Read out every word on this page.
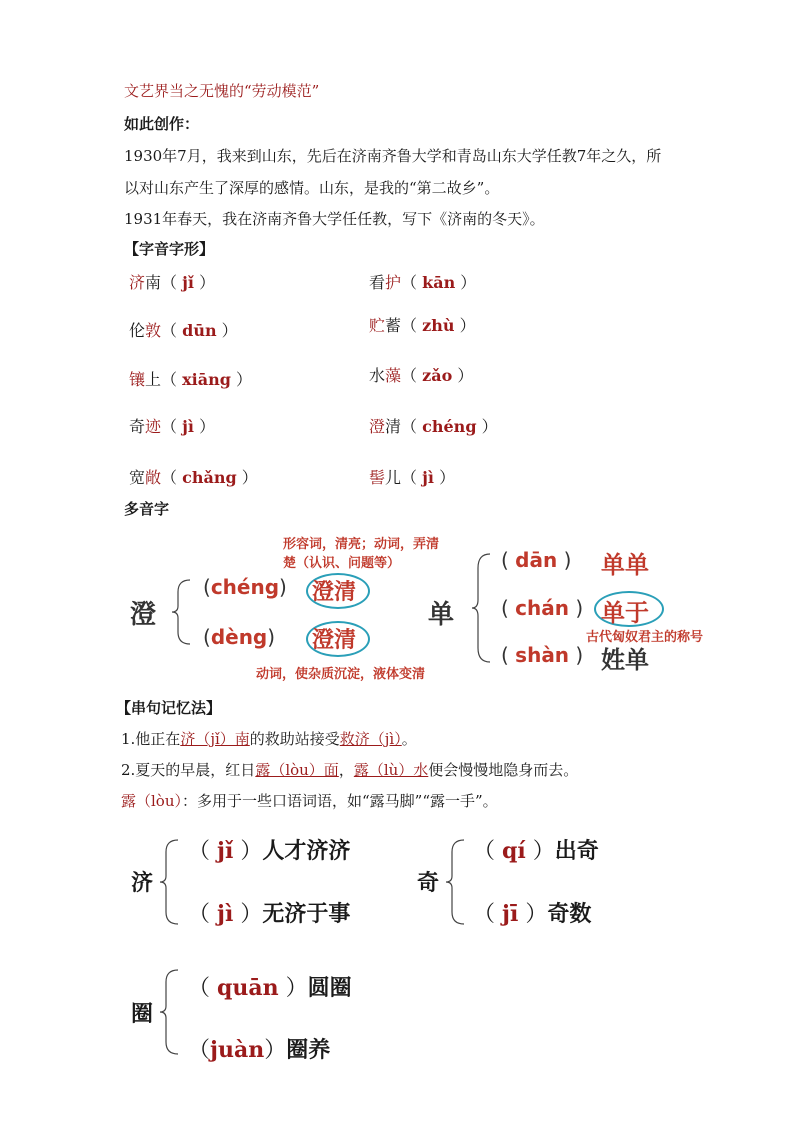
文艺界当之无愧的“劳动模范”
如此创作：
1930年7月，我来到山东，先后在济南齐鲁大学和青岛山东大学任教7年之久，所
以对山东产生了深厚的感情。山东，是我的“第二故乡”。
1931年春天，我在济南齐鲁大学任任教，写下《济南的冬天》。
【字音字形】
济南（ jǐ ）	看护（ kān ）
伦敦（ dūn ）	贮蓄（ zhù ）
镶上（ xiāng ）	水藻（ zǎo ）
奇迹（ jì ）	澄清（ chéng ）
宽敞（ chǎng ）	髻儿（ jì ）
多音字
形容词，清亮；动词，弄清
楚（认识、问题等）
澄
(chéng) 澄清
(dèng) 澄清
动词，使杂质沉淀，液体变清
单
( dān ) 单单
( chán ) 单于
古代匈奴君主的称号
( shàn ) 姓单
【串句记忆法】
1.他正在济（jǐ）南的救助站接受救济（jì）。
2.夏天的早晨，红日露（lòu）面，露（lù）水便会慢慢地隐身而去。
露（lòu）：多用于一些口语词语，如“露马脚”“露一手”。
济
（ jǐ ）人才济济
（ jì ）无济于事
奇
（ qí ）出奇
（ jī ）奇数
圈
（ quān ）圆圈
（juàn）圈养
